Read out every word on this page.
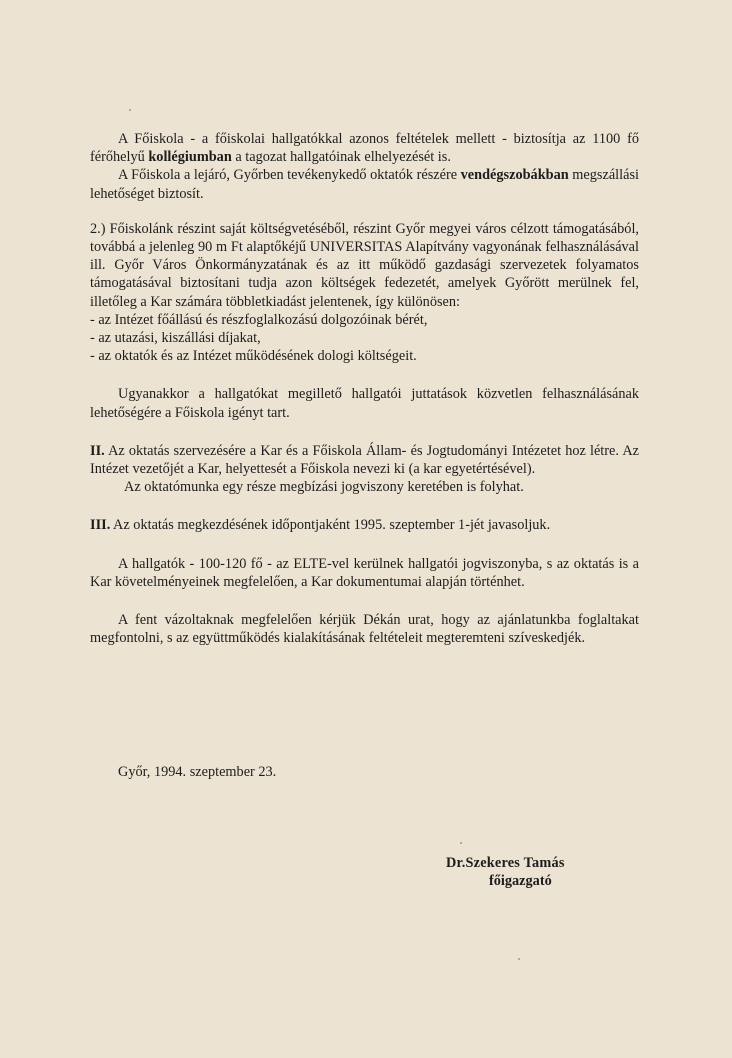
A Főiskola - a főiskolai hallgatókkal azonos feltételek mellett - biztosítja az 1100 fő férőhelyű kollégiumban a tagozat hallgatóinak elhelyezését is.

A Főiskola a lejáró, Győrben tevékenykedő oktatók részére vendégszobákban megszállási lehetőséget biztosít.

2.) Főiskolánk részint saját költségvetéséből, részint Győr megyei város célzott támogatásából, továbbá a jelenleg 90 m Ft alaptőkéjű UNIVERSITAS Alapítvány vagyonának felhasználásával ill. Győr Város Önkormányzatának és az itt működő gazdasági szervezetek folyamatos támogatásával biztosítani tudja azon költségek fedezetét, amelyek Győrött merülnek fel, illetőleg a Kar számára többletkiadást jelentenek, így különösen:

- az Intézet főállású és részfoglalkozású dolgozóinak bérét,

- az utazási, kiszállási díjakat,

- az oktatók és az Intézet működésének dologi költségeit.

Ugyanakkor a hallgatókat megillető hallgatói juttatások közvetlen felhasználásának lehetőségére a Főiskola igényt tart.

II. Az oktatás szervezésére a Kar és a Főiskola Állam- és Jogtudományi Intézetet hoz létre. Az Intézet vezetőjét a Kar, helyettesét a Főiskola nevezi ki (a kar egyetértésével).

Az oktatómunka egy része megbízási jogviszony keretében is folyhat.

III. Az oktatás megkezdésének időpontjaként 1995. szeptember 1-jét javasoljuk.

A hallgatók - 100-120 fő - az ELTE-vel kerülnek hallgatói jogviszonyba, s az oktatás is a Kar követelményeinek megfelelően, a Kar dokumentumai alapján történhet.

A fent vázoltaknak megfelelően kérjük Dékán urat, hogy az ajánlatunkba foglaltakat megfontolni, s az együttműködés kialakításának feltételeit megteremteni szíveskedjék.

Győr, 1994. szeptember 23.
Dr.Szekeres Tamás
főigazgató
